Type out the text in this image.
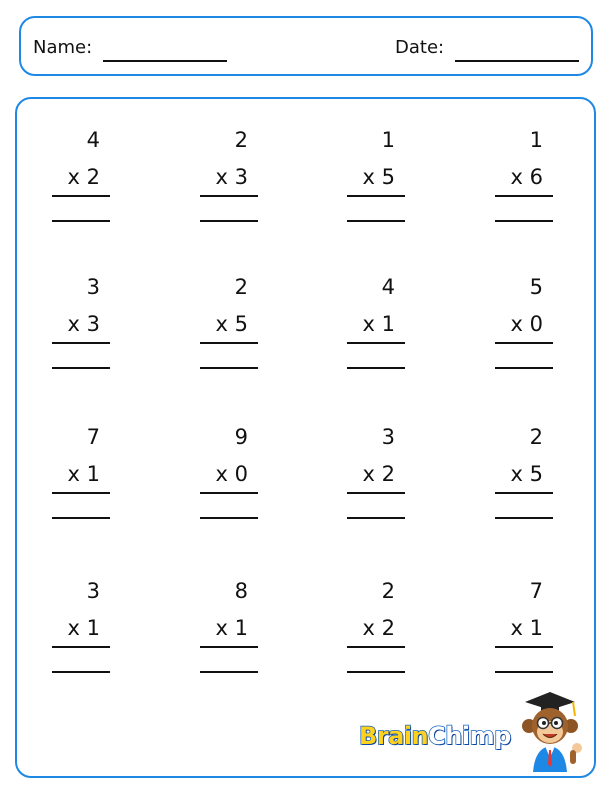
Name:	Date:
4
x 2
2
x 3
1
x 5
1
x 6
3
x 3
2
x 5
4
x 1
5
x 0
7
x 1
9
x 0
3
x 2
2
x 5
3
x 1
8
x 1
2
x 2
7
x 1
BrainChimp
